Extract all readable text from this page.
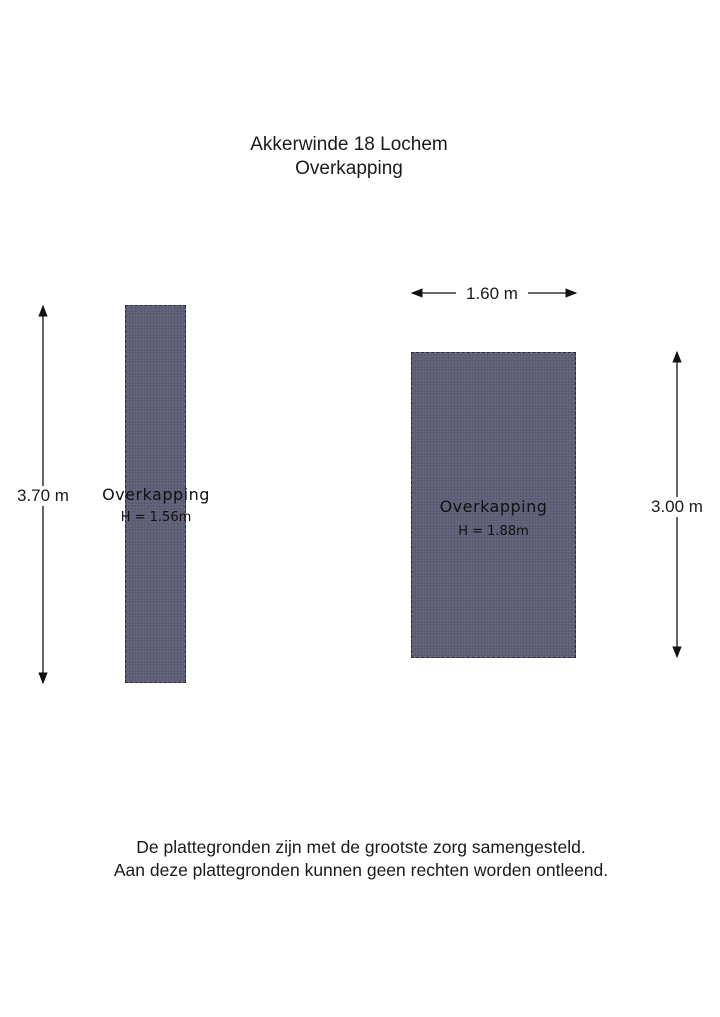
Akkerwinde 18 Lochem
Overkapping
Overkapping
H = 1.56m
Overkapping
H = 1.88m
3.70 m
1.60 m
3.00 m
De plattegronden zijn met de grootste zorg samengesteld.
Aan deze plattegronden kunnen geen rechten worden ontleend.
